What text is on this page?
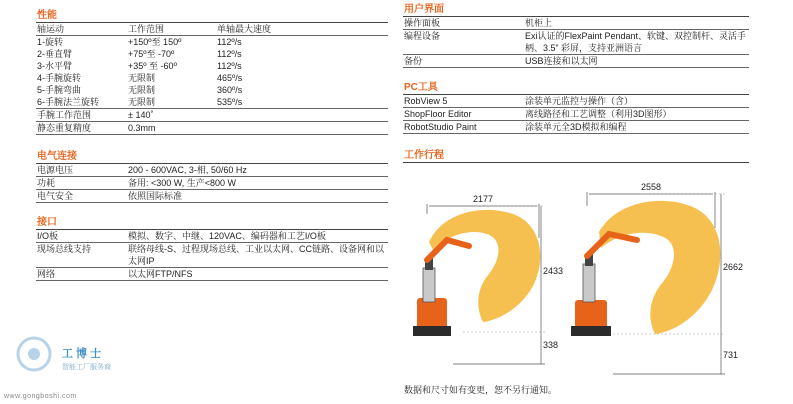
性能
轴运动	工作范围	单轴最大速度
1-旋转	+150º至 150º	112º/s
2-垂直臂	+75º至 -70º	112º/s
3-水平臂	+35º 至 -60º	112º/s
4-手腕旋转	无限制	465º/s
5-手腕弯曲	无限制	360º/s
6-手腕法兰旋转	无限制	535º/s
手腕工作范围	± 140˚	
静态重复精度	0.3mm	
电气连接
电源电压	200 - 600VAC, 3-相, 50/60 Hz
功耗	备用: <300 W, 生产<800 W
电气安全	依照国际标准
接口
I/O板	模拟、数字、中继、120VAC、编码器和工艺I/O板
现场总线支持	联络母线-S、过程现场总线、工业以太网、CC链路、设备网和以太网IP
网络	以太网FTP/NFS
用户界面
操作面板	机柜上
编程设备	Exi认证的FlexPaint Pendant、软键、双控制杆、灵活手柄、3.5” 彩屏，支持亚洲语言
备份	USB连接和以太网
PC工具
RobView 5	涂装单元监控与操作（含）
ShopFloor Editor	离线路径和工艺调整（利用3D图形）
RobotStudio Paint	涂装单元全3D模拟和编程
工作行程
2177
2433
338
2558
2662
731
数据和尺寸如有变更，恕不另行通知。
工博士
智能工厂服务商
www.gongboshi.com
